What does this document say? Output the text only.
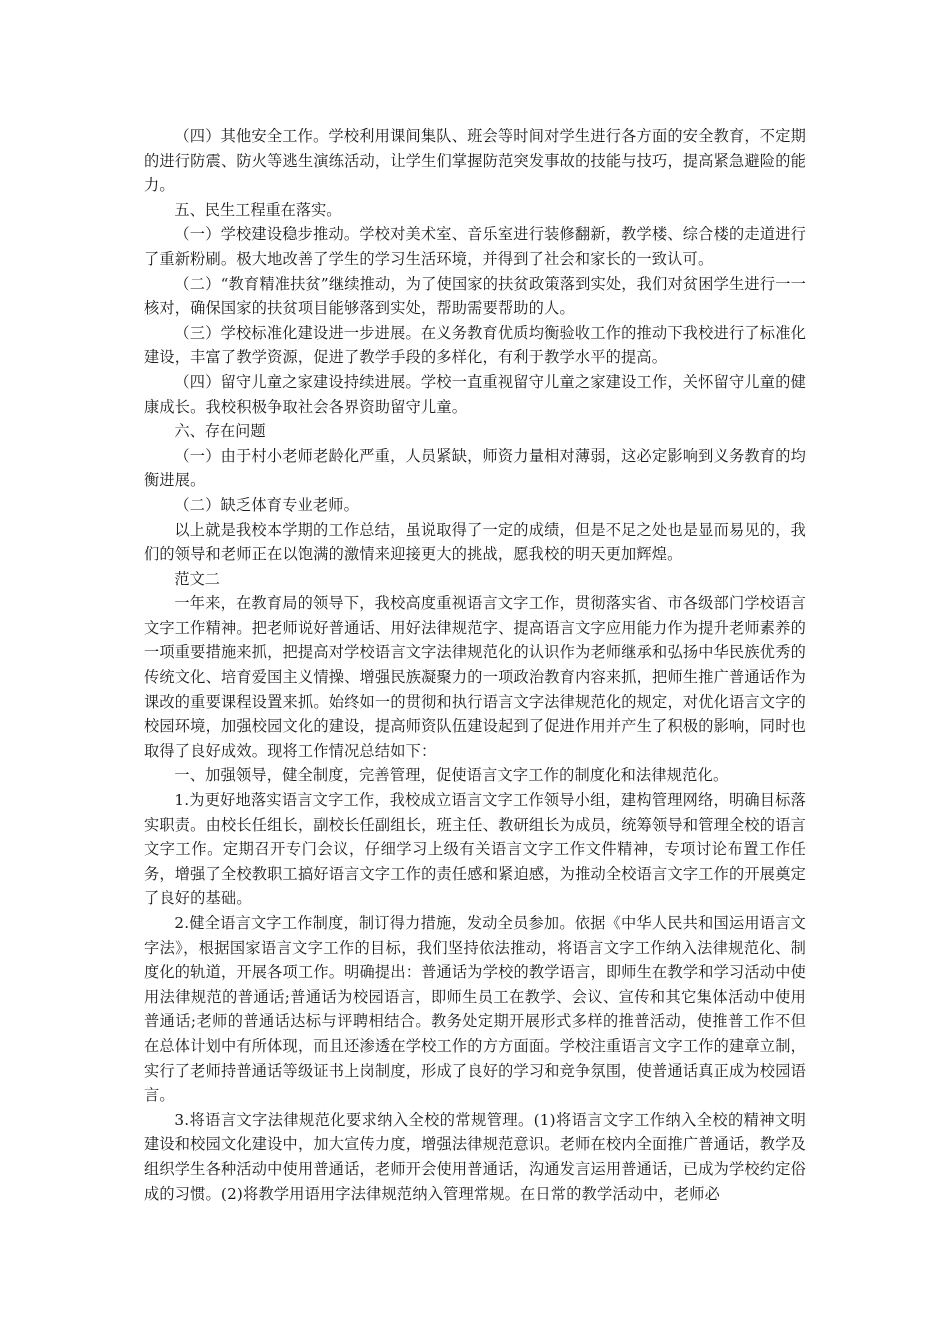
（四）其他安全工作。学校利用课间集队、班会等时间对学生进行各方面的安全教育，不定期的进行防震、防火等逃生演练活动，让学生们掌握防范突发事故的技能与技巧，提高紧急避险的能力。

五、民生工程重在落实。

（一）学校建设稳步推动。学校对美术室、音乐室进行装修翻新，教学楼、综合楼的走道进行了重新粉刷。极大地改善了学生的学习生活环境，并得到了社会和家长的一致认可。

（二）“教育精准扶贫”继续推动，为了使国家的扶贫政策落到实处，我们对贫困学生进行一一核对，确保国家的扶贫项目能够落到实处，帮助需要帮助的人。

（三）学校标准化建设进一步进展。在义务教育优质均衡验收工作的推动下我校进行了标准化建设，丰富了教学资源，促进了教学手段的多样化，有利于教学水平的提高。

（四）留守儿童之家建设持续进展。学校一直重视留守儿童之家建设工作，关怀留守儿童的健康成长。我校积极争取社会各界资助留守儿童。

六、存在问题

（一）由于村小老师老龄化严重，人员紧缺，师资力量相对薄弱，这必定影响到义务教育的均衡进展。

（二）缺乏体育专业老师。

以上就是我校本学期的工作总结，虽说取得了一定的成绩，但是不足之处也是显而易见的，我们的领导和老师正在以饱满的激情来迎接更大的挑战，愿我校的明天更加辉煌。

范文二

一年来，在教育局的领导下，我校高度重视语言文字工作，贯彻落实省、市各级部门学校语言文字工作精神。把老师说好普通话、用好法律规范字、提高语言文字应用能力作为提升老师素养的一项重要措施来抓，把提高对学校语言文字法律规范化的认识作为老师继承和弘扬中华民族优秀的传统文化、培育爱国主义情操、增强民族凝聚力的一项政治教育内容来抓，把师生推广普通话作为课改的重要课程设置来抓。始终如一的贯彻和执行语言文字法律规范化的规定，对优化语言文字的校园环境，加强校园文化的建设，提高师资队伍建设起到了促进作用并产生了积极的影响，同时也取得了良好成效。现将工作情况总结如下：

一、加强领导，健全制度，完善管理，促使语言文字工作的制度化和法律规范化。

1.为更好地落实语言文字工作，我校成立语言文字工作领导小组，建构管理网络，明确目标落实职责。由校长任组长，副校长任副组长，班主任、教研组长为成员，统筹领导和管理全校的语言文字工作。定期召开专门会议，仔细学习上级有关语言文字工作文件精神，专项讨论布置工作任务，增强了全校教职工搞好语言文字工作的责任感和紧迫感，为推动全校语言文字工作的开展奠定了良好的基础。

2.健全语言文字工作制度，制订得力措施，发动全员参加。依据《中华人民共和国运用语言文字法》，根据国家语言文字工作的目标，我们坚持依法推动，将语言文字工作纳入法律规范化、制度化的轨道，开展各项工作。明确提出：普通话为学校的教学语言，即师生在教学和学习活动中使用法律规范的普通话;普通话为校园语言，即师生员工在教学、会议、宣传和其它集体活动中使用普通话;老师的普通话达标与评聘相结合。教务处定期开展形式多样的推普活动，使推普工作不但在总体计划中有所体现，而且还渗透在学校工作的方方面面。学校注重语言文字工作的建章立制，实行了老师持普通话等级证书上岗制度，形成了良好的学习和竞争氛围，使普通话真正成为校园语言。

3.将语言文字法律规范化要求纳入全校的常规管理。(1)将语言文字工作纳入全校的精神文明建设和校园文化建设中，加大宣传力度，增强法律规范意识。老师在校内全面推广普通话，教学及组织学生各种活动中使用普通话，老师开会使用普通话，沟通发言运用普通话，已成为学校约定俗成的习惯。(2)将教学用语用字法律规范纳入管理常规。在日常的教学活动中，老师必
